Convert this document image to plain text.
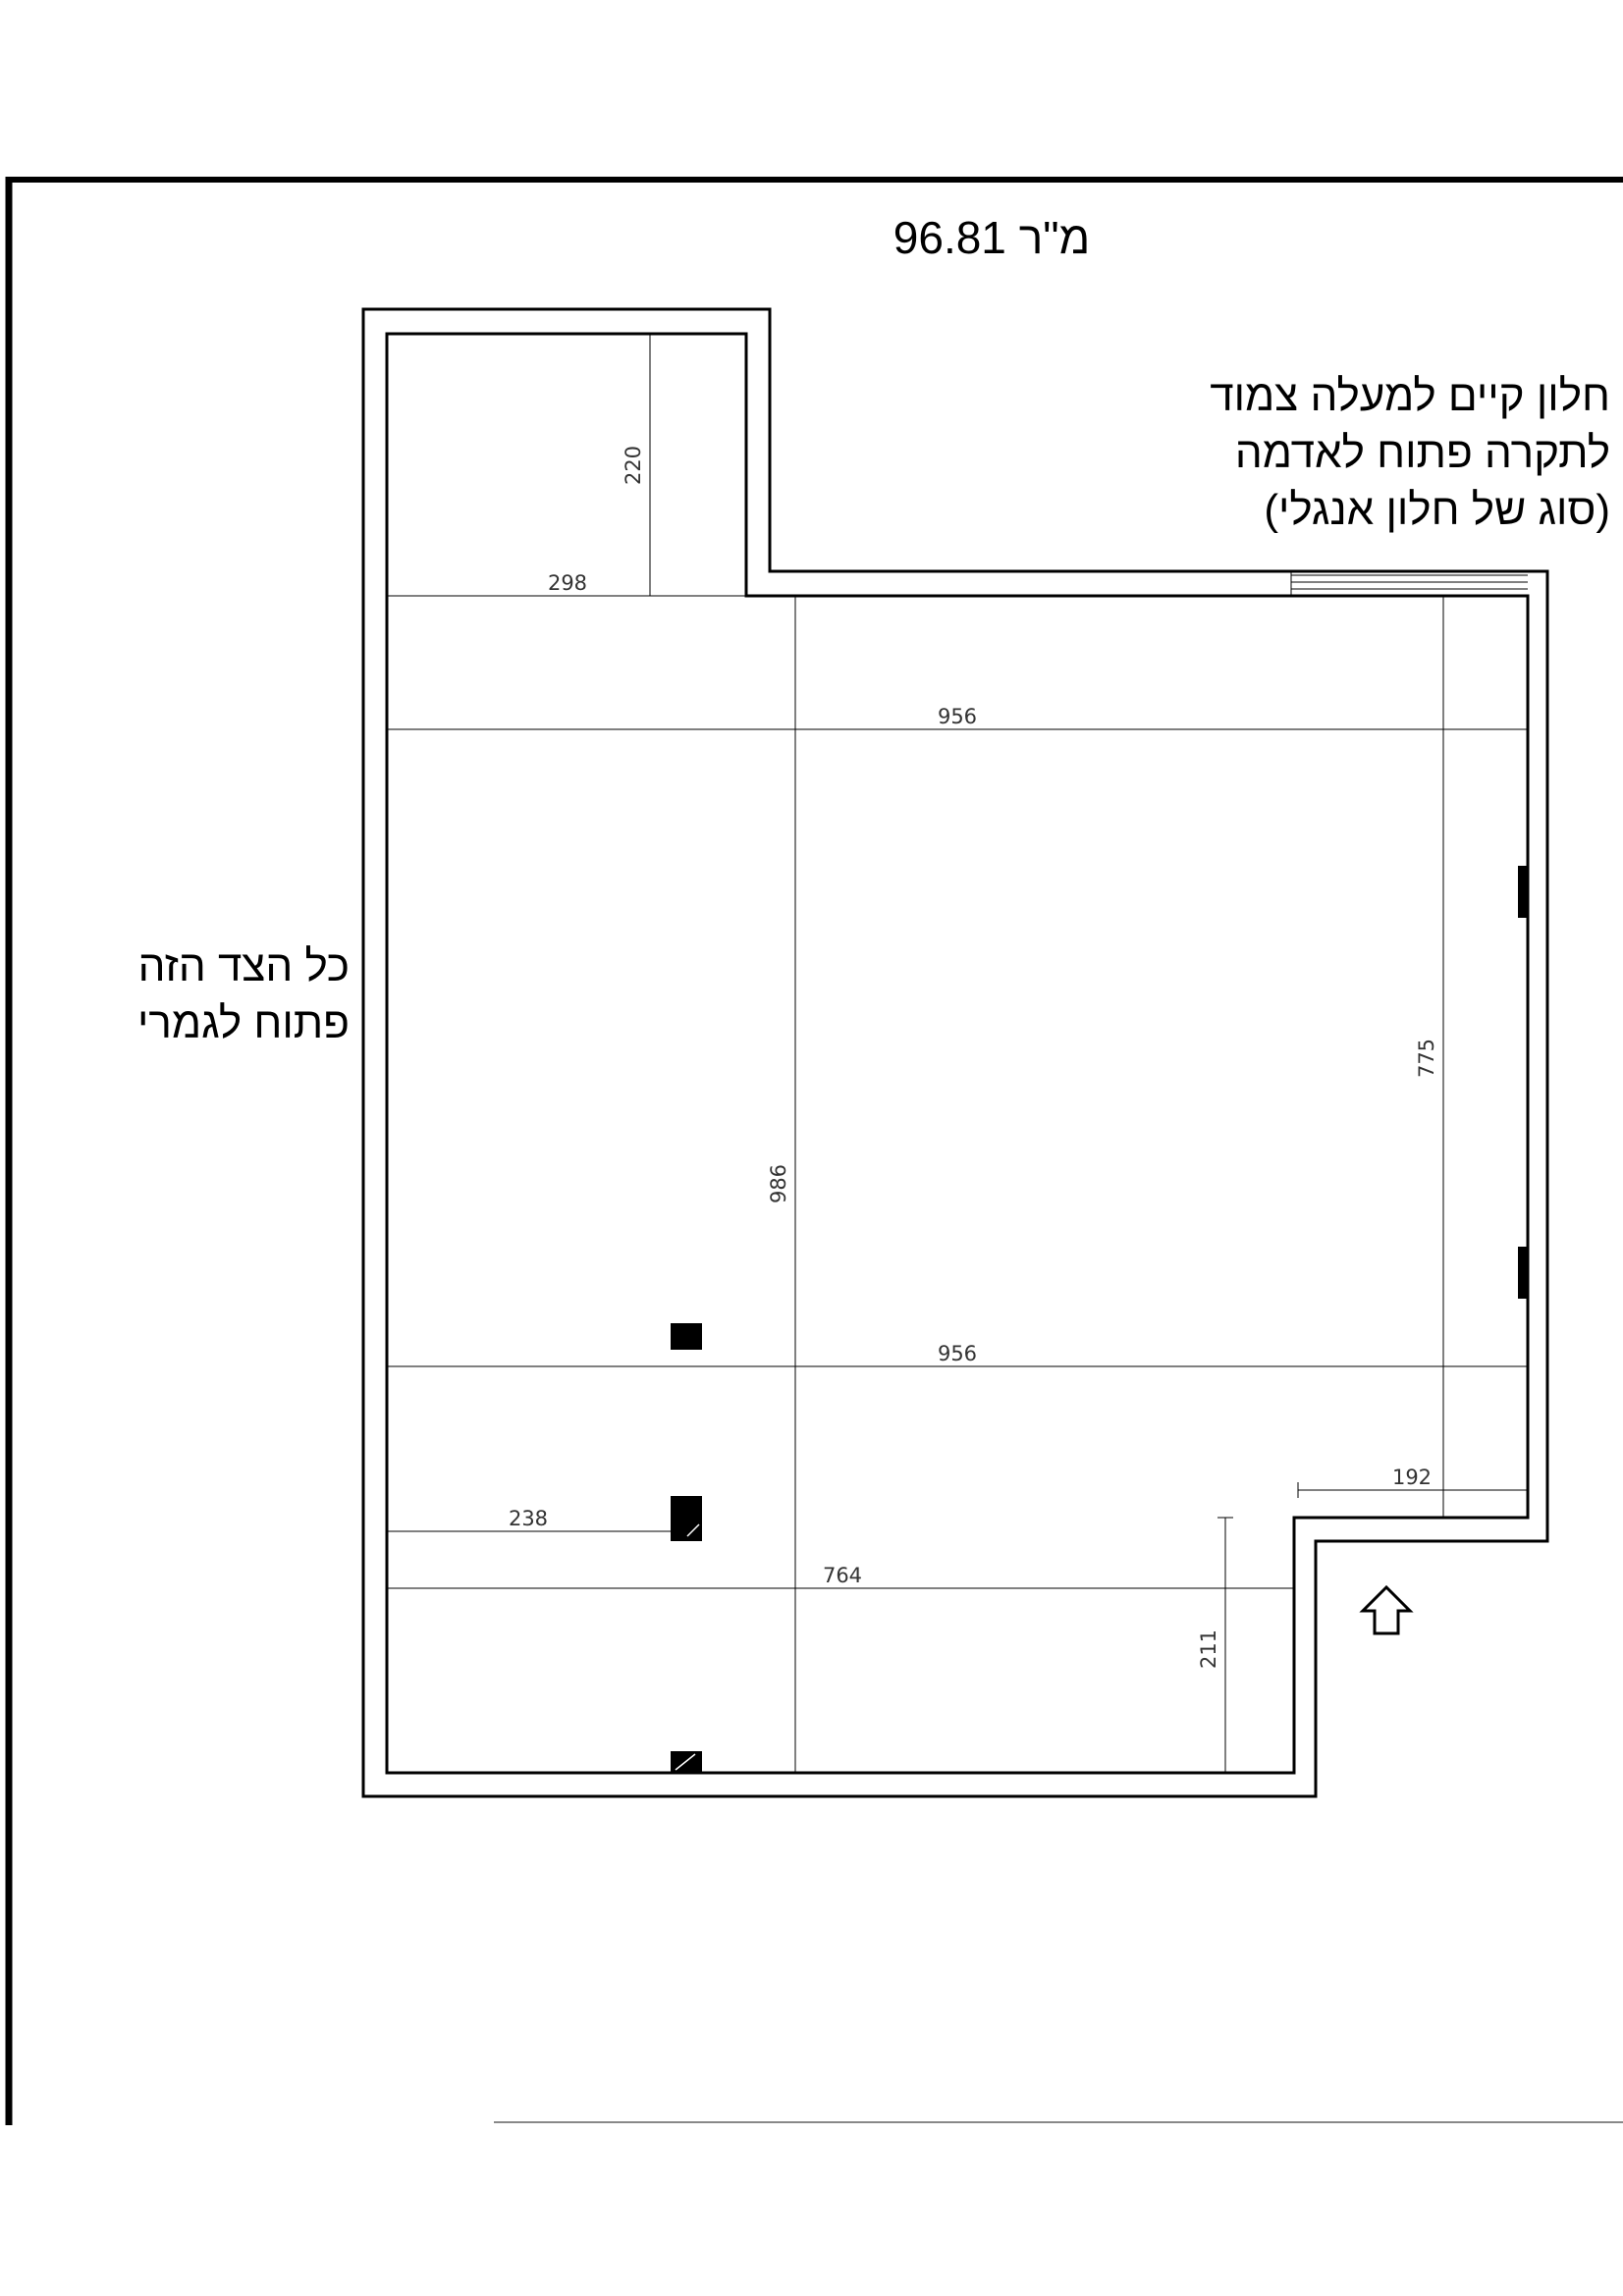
220
298
956
986
775
956
192
238
764
211
96.81 מ"ר
חלון קיים למעלה צמוד
לתקרה פתוח לאדמה
(סוג של חלון אנגלי)
כל הצד הזה
פתוח לגמרי
